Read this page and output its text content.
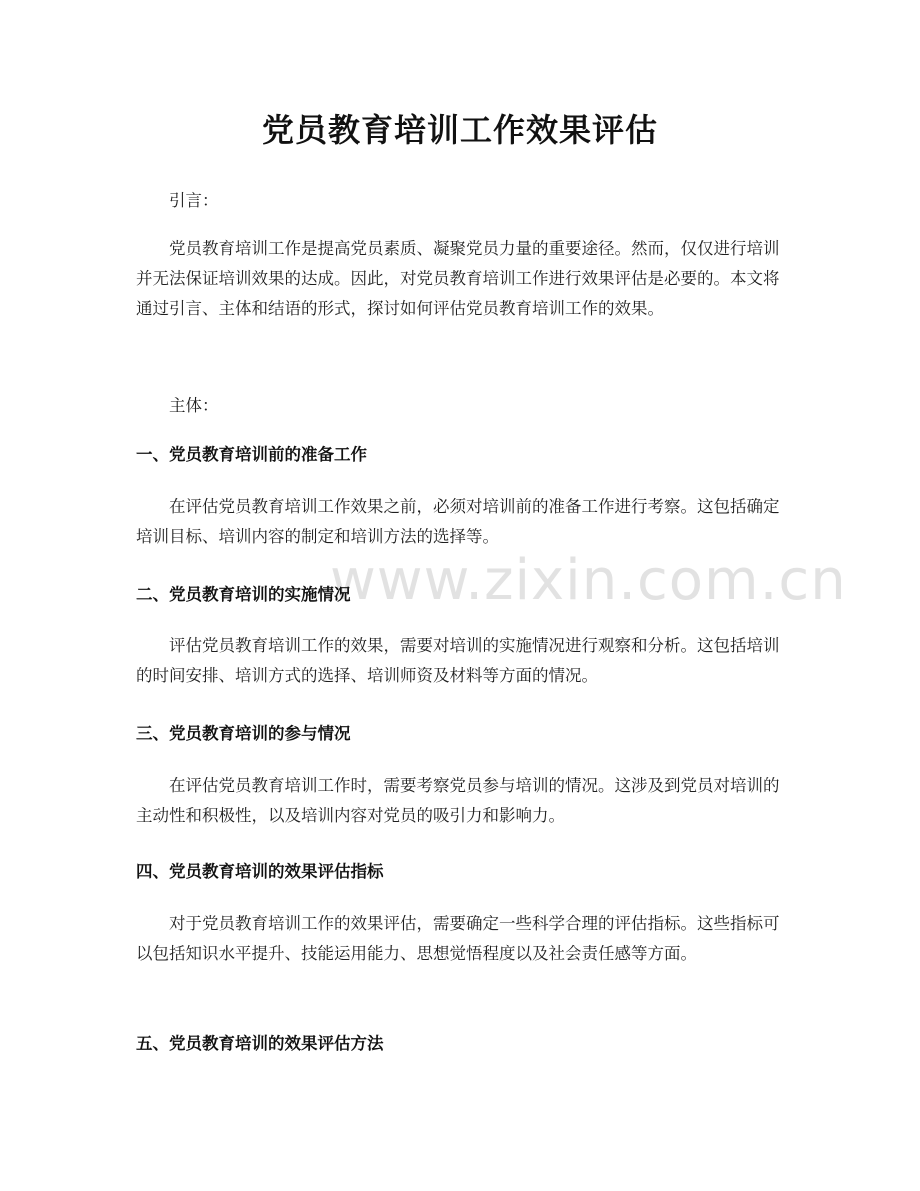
www.zixin.com.cn
党员教育培训工作效果评估

引言：

党员教育培训工作是提高党员素质、凝聚党员力量的重要途径。然而，仅仅进行培训并无法保证培训效果的达成。因此，对党员教育培训工作进行效果评估是必要的。本文将通过引言、主体和结语的形式，探讨如何评估党员教育培训工作的效果。

主体：

一、党员教育培训前的准备工作

在评估党员教育培训工作效果之前，必须对培训前的准备工作进行考察。这包括确定培训目标、培训内容的制定和培训方法的选择等。

二、党员教育培训的实施情况

评估党员教育培训工作的效果，需要对培训的实施情况进行观察和分析。这包括培训的时间安排、培训方式的选择、培训师资及材料等方面的情况。

三、党员教育培训的参与情况

在评估党员教育培训工作时，需要考察党员参与培训的情况。这涉及到党员对培训的主动性和积极性，以及培训内容对党员的吸引力和影响力。

四、党员教育培训的效果评估指标

对于党员教育培训工作的效果评估，需要确定一些科学合理的评估指标。这些指标可以包括知识水平提升、技能运用能力、思想觉悟程度以及社会责任感等方面。

五、党员教育培训的效果评估方法
